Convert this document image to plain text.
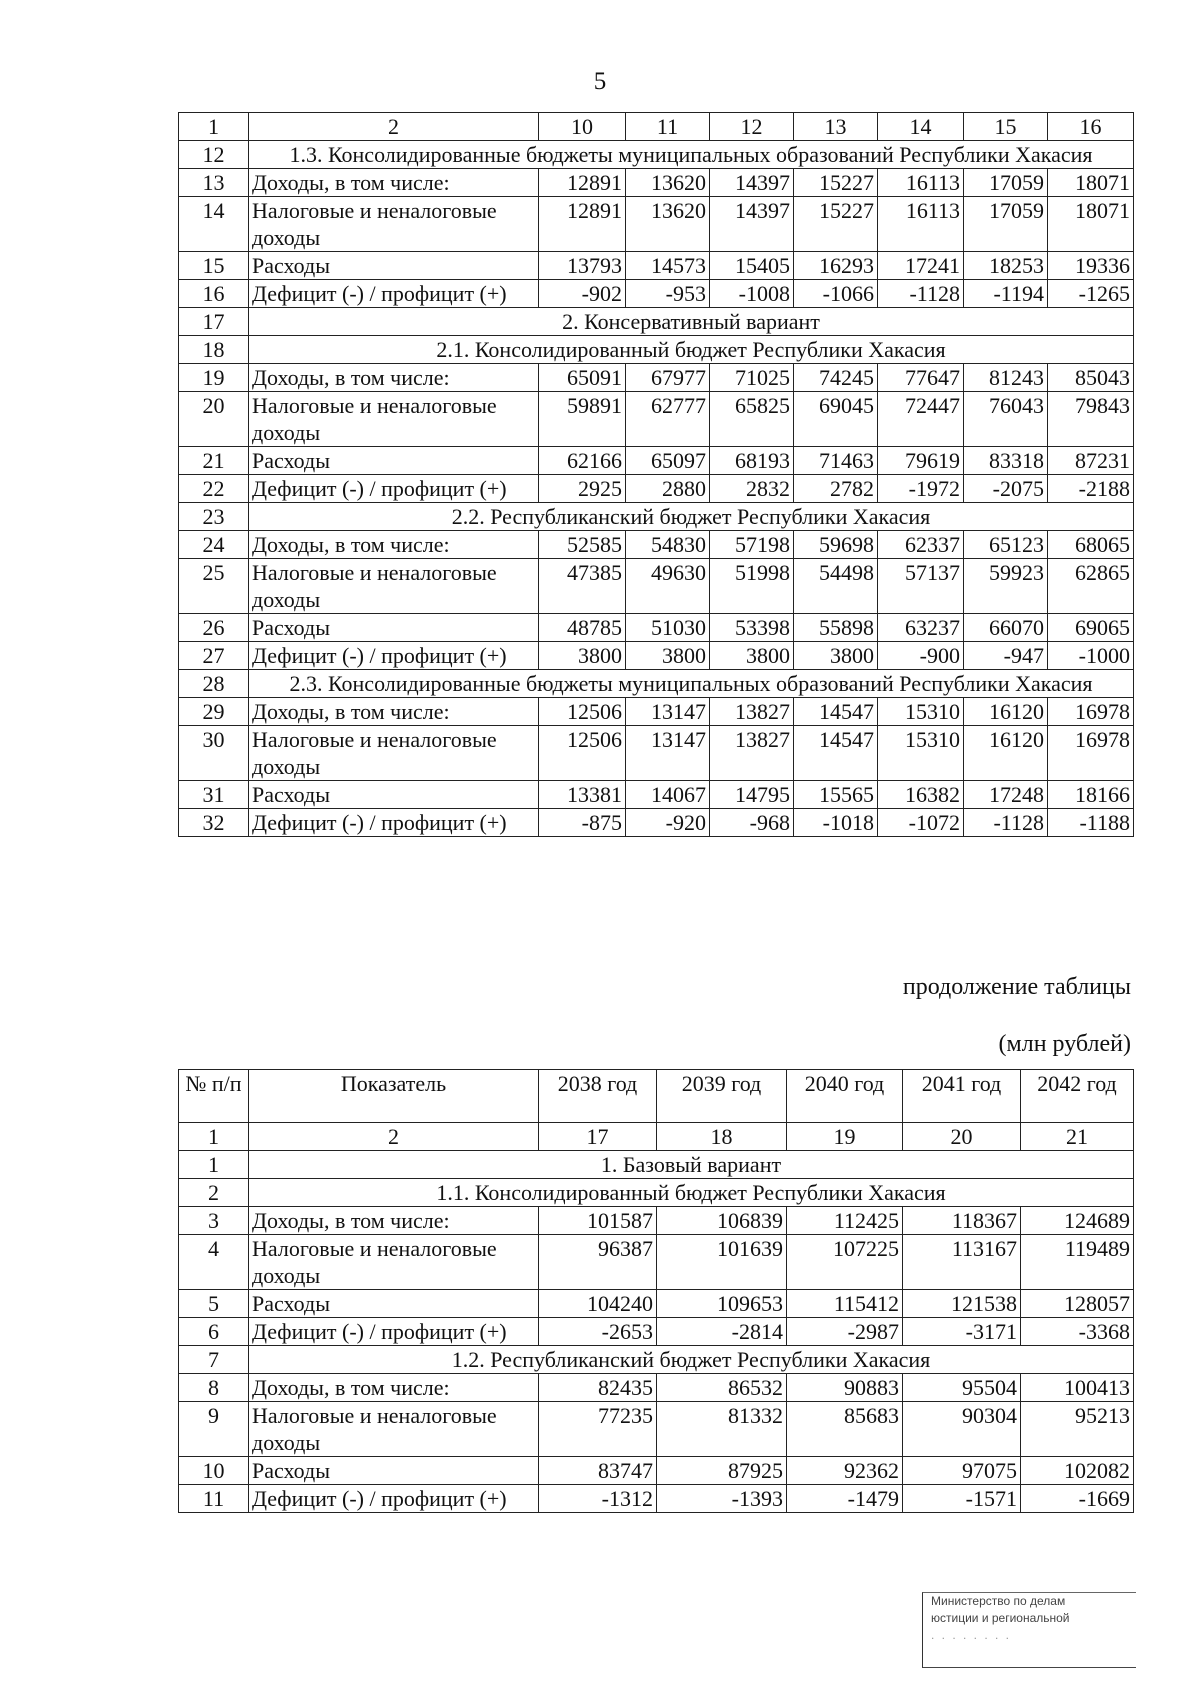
5
1	2	10	11	12	13	14	15	16
12	1.3. Консолидированные бюджеты муниципальных образований Республики Хакасия							
13	Доходы, в том числе:	12891	13620	14397	15227	16113	17059	18071
14	Налоговые и неналоговые доходы	12891	13620	14397	15227	16113	17059	18071
15	Расходы	13793	14573	15405	16293	17241	18253	19336
16	Дефицит (-) / профицит (+)	-902	-953	-1008	-1066	-1128	-1194	-1265
17	2. Консервативный вариант							
18	2.1. Консолидированный бюджет Республики Хакасия							
19	Доходы, в том числе:	65091	67977	71025	74245	77647	81243	85043
20	Налоговые и неналоговые доходы	59891	62777	65825	69045	72447	76043	79843
21	Расходы	62166	65097	68193	71463	79619	83318	87231
22	Дефицит (-) / профицит (+)	2925	2880	2832	2782	-1972	-2075	-2188
23	2.2. Республиканский бюджет Республики Хакасия							
24	Доходы, в том числе:	52585	54830	57198	59698	62337	65123	68065
25	Налоговые и неналоговые доходы	47385	49630	51998	54498	57137	59923	62865
26	Расходы	48785	51030	53398	55898	63237	66070	69065
27	Дефицит (-) / профицит (+)	3800	3800	3800	3800	-900	-947	-1000
28	2.3. Консолидированные бюджеты муниципальных образований Республики Хакасия							
29	Доходы, в том числе:	12506	13147	13827	14547	15310	16120	16978
30	Налоговые и неналоговые доходы	12506	13147	13827	14547	15310	16120	16978
31	Расходы	13381	14067	14795	15565	16382	17248	18166
32	Дефицит (-) / профицит (+)	-875	-920	-968	-1018	-1072	-1128	-1188
продолжение таблицы
(млн рублей)
№ п/п	Показатель	2038 год	2039 год	2040 год	2041 год	2042 год
1	2	17	18	19	20	21
1	1. Базовый вариант					
2	1.1. Консолидированный бюджет Республики Хакасия					
3	Доходы, в том числе:	101587	106839	112425	118367	124689
4	Налоговые и неналоговые доходы	96387	101639	107225	113167	119489
5	Расходы	104240	109653	115412	121538	128057
6	Дефицит (-) / профицит (+)	-2653	-2814	-2987	-3171	-3368
7	1.2. Республиканский бюджет Республики Хакасия					
8	Доходы, в том числе:	82435	86532	90883	95504	100413
9	Налоговые и неналоговые доходы	77235	81332	85683	90304	95213
10	Расходы	83747	87925	92362	97075	102082
11	Дефицит (-) / профицит (+)	-1312	-1393	-1479	-1571	-1669
Министерство по делам
юстиции и региональной
. . . . . . . .
